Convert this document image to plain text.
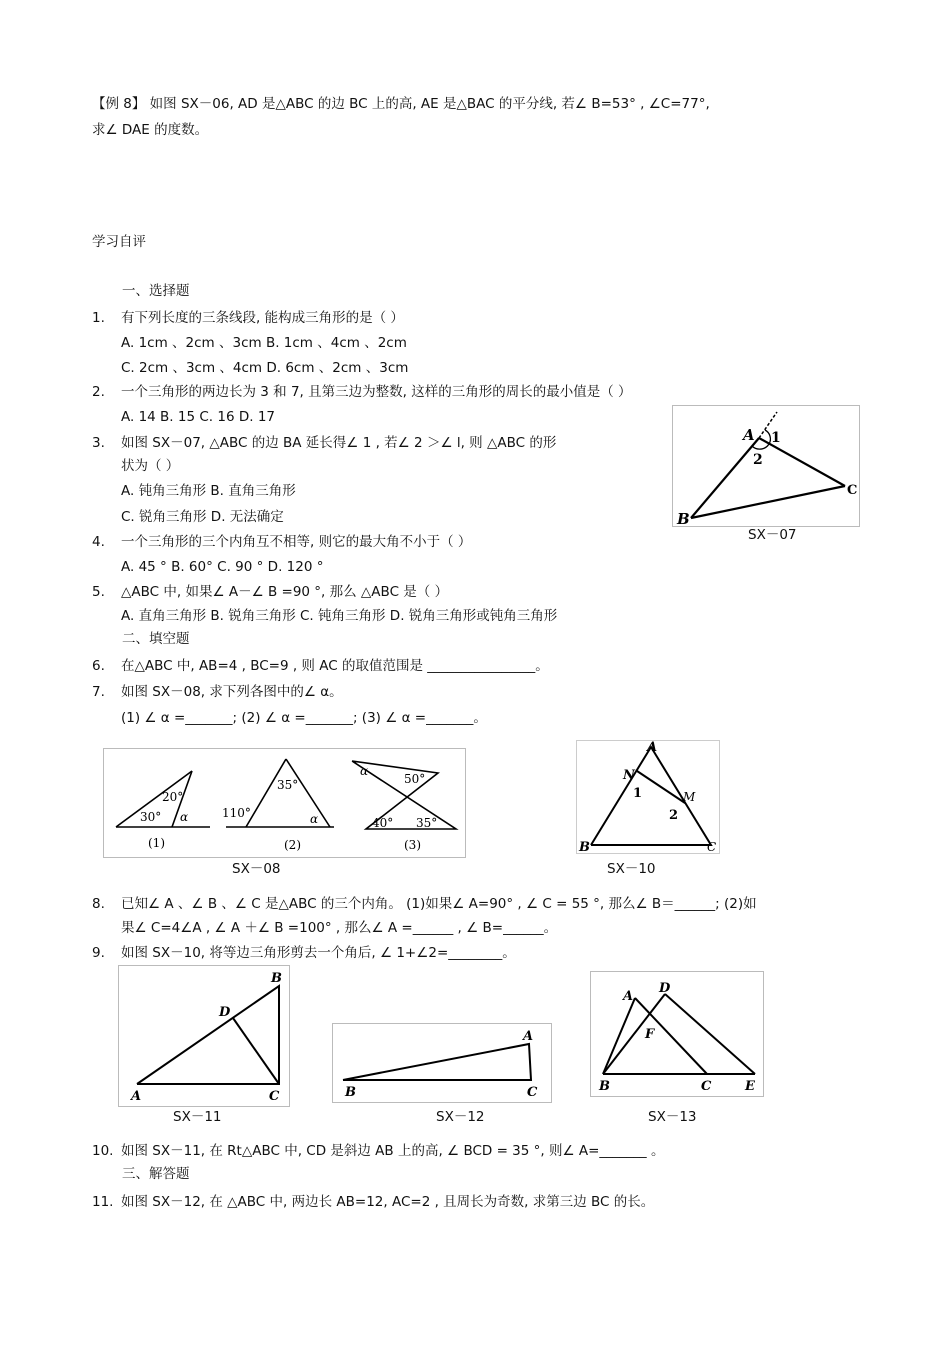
【例 8】 如图 SX－06, AD 是△ABC 的边 BC 上的高, AE 是△BAC 的平分线, 若∠ B=53° , ∠C=77°,
求∠ DAE 的度数。
学习自评
一、选择题
1. 有下列长度的三条线段, 能构成三角形的是（ ）
A. 1cm 、2cm 、3cm B. 1cm 、4cm 、2cm
C. 2cm 、3cm 、4cm D. 6cm 、2cm 、3cm
2. 一个三角形的两边长为 3 和 7, 且第三边为整数, 这样的三角形的周长的最小值是（ ）
A. 14 B. 15 C. 16 D. 17
3. 如图 SX－07, △ABC 的边 BA 延长得∠ 1 , 若∠ 2 ＞∠ l, 则 △ABC 的形
状为（ ）
A. 钝角三角形 B. 直角三角形
C. 锐角三角形 D. 无法确定
A 1
2
B
C
SX－07
4. 一个三角形的三个内角互不相等, 则它的最大角不小于（ ）
A. 45 ° B. 60° C. 90 ° D. 120 °
5. △ABC 中, 如果∠ A－∠ B =90 °, 那么 △ABC 是（ ）
A. 直角三角形 B. 锐角三角形 C. 钝角三角形 D. 锐角三角形或钝角三角形
二、填空题
6. 在△ABC 中, AB=4 , BC=9 , 则 AC 的取值范围是 ________________。
7. 如图 SX－08, 求下列各图中的∠ α。
(1) ∠ α =_______; (2) ∠ α =_______; (3) ∠ α =_______。
30°
20°
α
(1)
35°
110°	α
(2)
α
50°
40° 35°
(3)
SX－08
A
N
1	M
2
B	C
SX－10
8. 已知∠ A 、∠ B 、∠ C 是△ABC 的三个内角。 (1)如果∠ A=90° , ∠ C = 55 °, 那么∠ B＝______; (2)如
果∠ C=4∠A , ∠ A ＋∠ B =100° , 那么∠ A =______ , ∠ B=______。
9. 如图 SX－10, 将等边三角形剪去一个角后, ∠ 1+∠2=________。
B
D
A	C
SX－11
A
B	C
SX－12
A
D
F
B	C	E
SX－13
10. 如图 SX－11, 在 Rt△ABC 中, CD 是斜边 AB 上的高, ∠ BCD = 35 °, 则∠ A=_______ 。
三、解答题
11. 如图 SX－12, 在 △ABC 中, 两边长 AB=12, AC=2 , 且周长为奇数, 求第三边 BC 的长。
